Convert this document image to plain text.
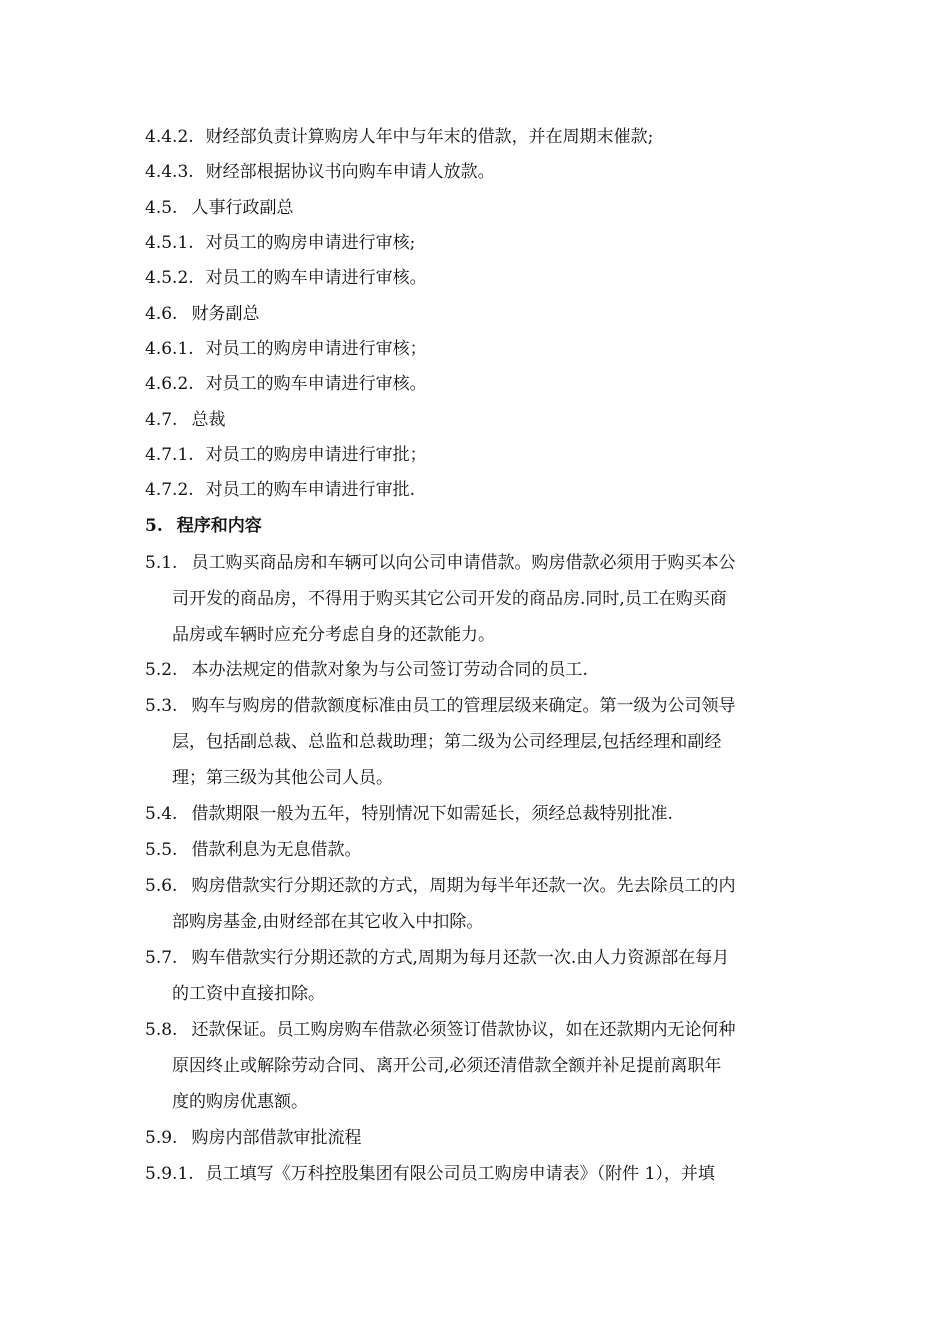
4.4.2. 财经部负责计算购房人年中与年末的借款，并在周期末催款;
4.4.3. 财经部根据协议书向购车申请人放款。
4.5. 人事行政副总
4.5.1. 对员工的购房申请进行审核;
4.5.2. 对员工的购车申请进行审核。
4.6. 财务副总
4.6.1. 对员工的购房申请进行审核；
4.6.2. 对员工的购车申请进行审核。
4.7. 总裁
4.7.1. 对员工的购房申请进行审批；
4.7.2. 对员工的购车申请进行审批.
5. 程序和内容
5.1. 员工购买商品房和车辆可以向公司申请借款。购房借款必须用于购买本公
司开发的商品房，不得用于购买其它公司开发的商品房.同时,员工在购买商
品房或车辆时应充分考虑自身的还款能力。
5.2. 本办法规定的借款对象为与公司签订劳动合同的员工.
5.3. 购车与购房的借款额度标准由员工的管理层级来确定。第一级为公司领导
层，包括副总裁、总监和总裁助理；第二级为公司经理层,包括经理和副经
理；第三级为其他公司人员。
5.4. 借款期限一般为五年，特别情况下如需延长，须经总裁特别批准.
5.5. 借款利息为无息借款。
5.6. 购房借款实行分期还款的方式，周期为每半年还款一次。先去除员工的内
部购房基金,由财经部在其它收入中扣除。
5.7. 购车借款实行分期还款的方式,周期为每月还款一次.由人力资源部在每月
的工资中直接扣除。
5.8. 还款保证。员工购房购车借款必须签订借款协议，如在还款期内无论何种
原因终止或解除劳动合同、离开公司,必须还清借款全额并补足提前离职年
度的购房优惠额。
5.9. 购房内部借款审批流程
5.9.1. 员工填写《万科控股集团有限公司员工购房申请表》（附件 1），并填
